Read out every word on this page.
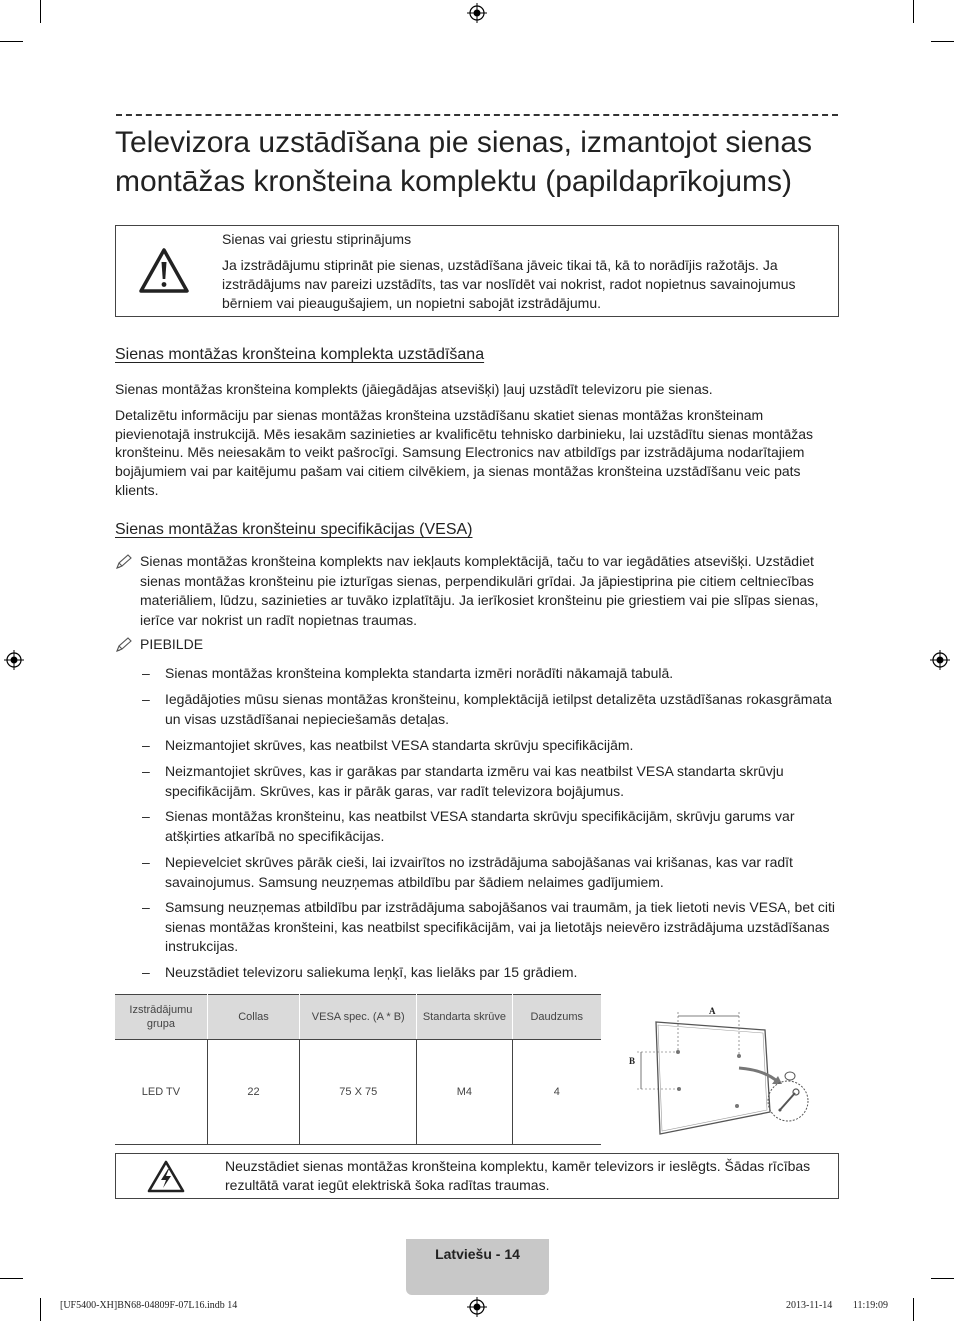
Televizora uzstādīšana pie sienas, izmantojot sienas montāžas kronšteina komplektu (papildaprīkojums)
Sienas vai griestu stiprinājums
Ja izstrādājumu stiprināt pie sienas, uzstādīšana jāveic tikai tā, kā to norādījis ražotājs. Ja izstrādājums nav pareizi uzstādīts, tas var noslīdēt vai nokrist, radot nopietnus savainojumus bērniem vai pieaugušajiem, un nopietni sabojāt izstrādājumu.
Sienas montāžas kronšteina komplekta uzstādīšana
Sienas montāžas kronšteina komplekts (jāiegādājas atsevišķi) ļauj uzstādīt televizoru pie sienas.
Detalizētu informāciju par sienas montāžas kronšteina uzstādīšanu skatiet sienas montāžas kronšteinam pievienotajā instrukcijā. Mēs iesakām sazinieties ar kvalificētu tehnisko darbinieku, lai uzstādītu sienas montāžas kronšteinu. Mēs neiesakām to veikt pašrocīgi. Samsung Electronics nav atbildīgs par izstrādājuma nodarītajiem bojājumiem vai par kaitējumu pašam vai citiem cilvēkiem, ja sienas montāžas kronšteina uzstādīšanu veic pats klients.
Sienas montāžas kronšteinu specifikācijas (VESA)
Sienas montāžas kronšteina komplekts nav iekļauts komplektācijā, taču to var iegādāties atsevišķi. Uzstādiet sienas montāžas kronšteinu pie izturīgas sienas, perpendikulāri grīdai. Ja jāpiestiprina pie citiem celtniecības materiāliem, lūdzu, sazinieties ar tuvāko izplatītāju. Ja ierīkosiet kronšteinu pie griestiem vai pie slīpas sienas, ierīce var nokrist un radīt nopietnas traumas.
PIEBILDE
– Sienas montāžas kronšteina komplekta standarta izmēri norādīti nākamajā tabulā.
– Iegādājoties mūsu sienas montāžas kronšteinu, komplektācijā ietilpst detalizēta uzstādīšanas rokasgrāmata un visas uzstādīšanai nepieciešamās detaļas.
– Neizmantojiet skrūves, kas neatbilst VESA standarta skrūvju specifikācijām.
– Neizmantojiet skrūves, kas ir garākas par standarta izmēru vai kas neatbilst VESA standarta skrūvju specifikācijām. Skrūves, kas ir pārāk garas, var radīt televizora bojājumus.
– Sienas montāžas kronšteinu, kas neatbilst VESA standarta skrūvju specifikācijām, skrūvju garums var atšķirties atkarībā no specifikācijas.
– Nepievelciet skrūves pārāk cieši, lai izvairītos no izstrādājuma sabojāšanas vai krišanas, kas var radīt savainojumus. Samsung neuzņemas atbildību par šādiem nelaimes gadījumiem.
– Samsung neuzņemas atbildību par izstrādājuma sabojāšanos vai traumām, ja tiek lietoti nevis VESA, bet citi sienas montāžas kronšteini, kas neatbilst specifikācijām, vai ja lietotājs neievēro izstrādājuma uzstādīšanas instrukcijas.
– Neuzstādiet televizoru saliekuma leņķī, kas lielāks par 15 grādiem.
Izstrādājumu grupa	Collas	VESA spec. (A * B)	Standarta skrūve	Daudzums
LED TV	22	75 X 75	M4	4
A
B
Neuzstādiet sienas montāžas kronšteina komplektu, kamēr televizors ir ieslēgts. Šādas rīcības rezultātā varat iegūt elektriskā šoka radītas traumas.
Latviešu - 14
[UF5400-XH]BN68-04809F-07L16.indb 14	2013-11-14 ￿￿ 11:19:09
